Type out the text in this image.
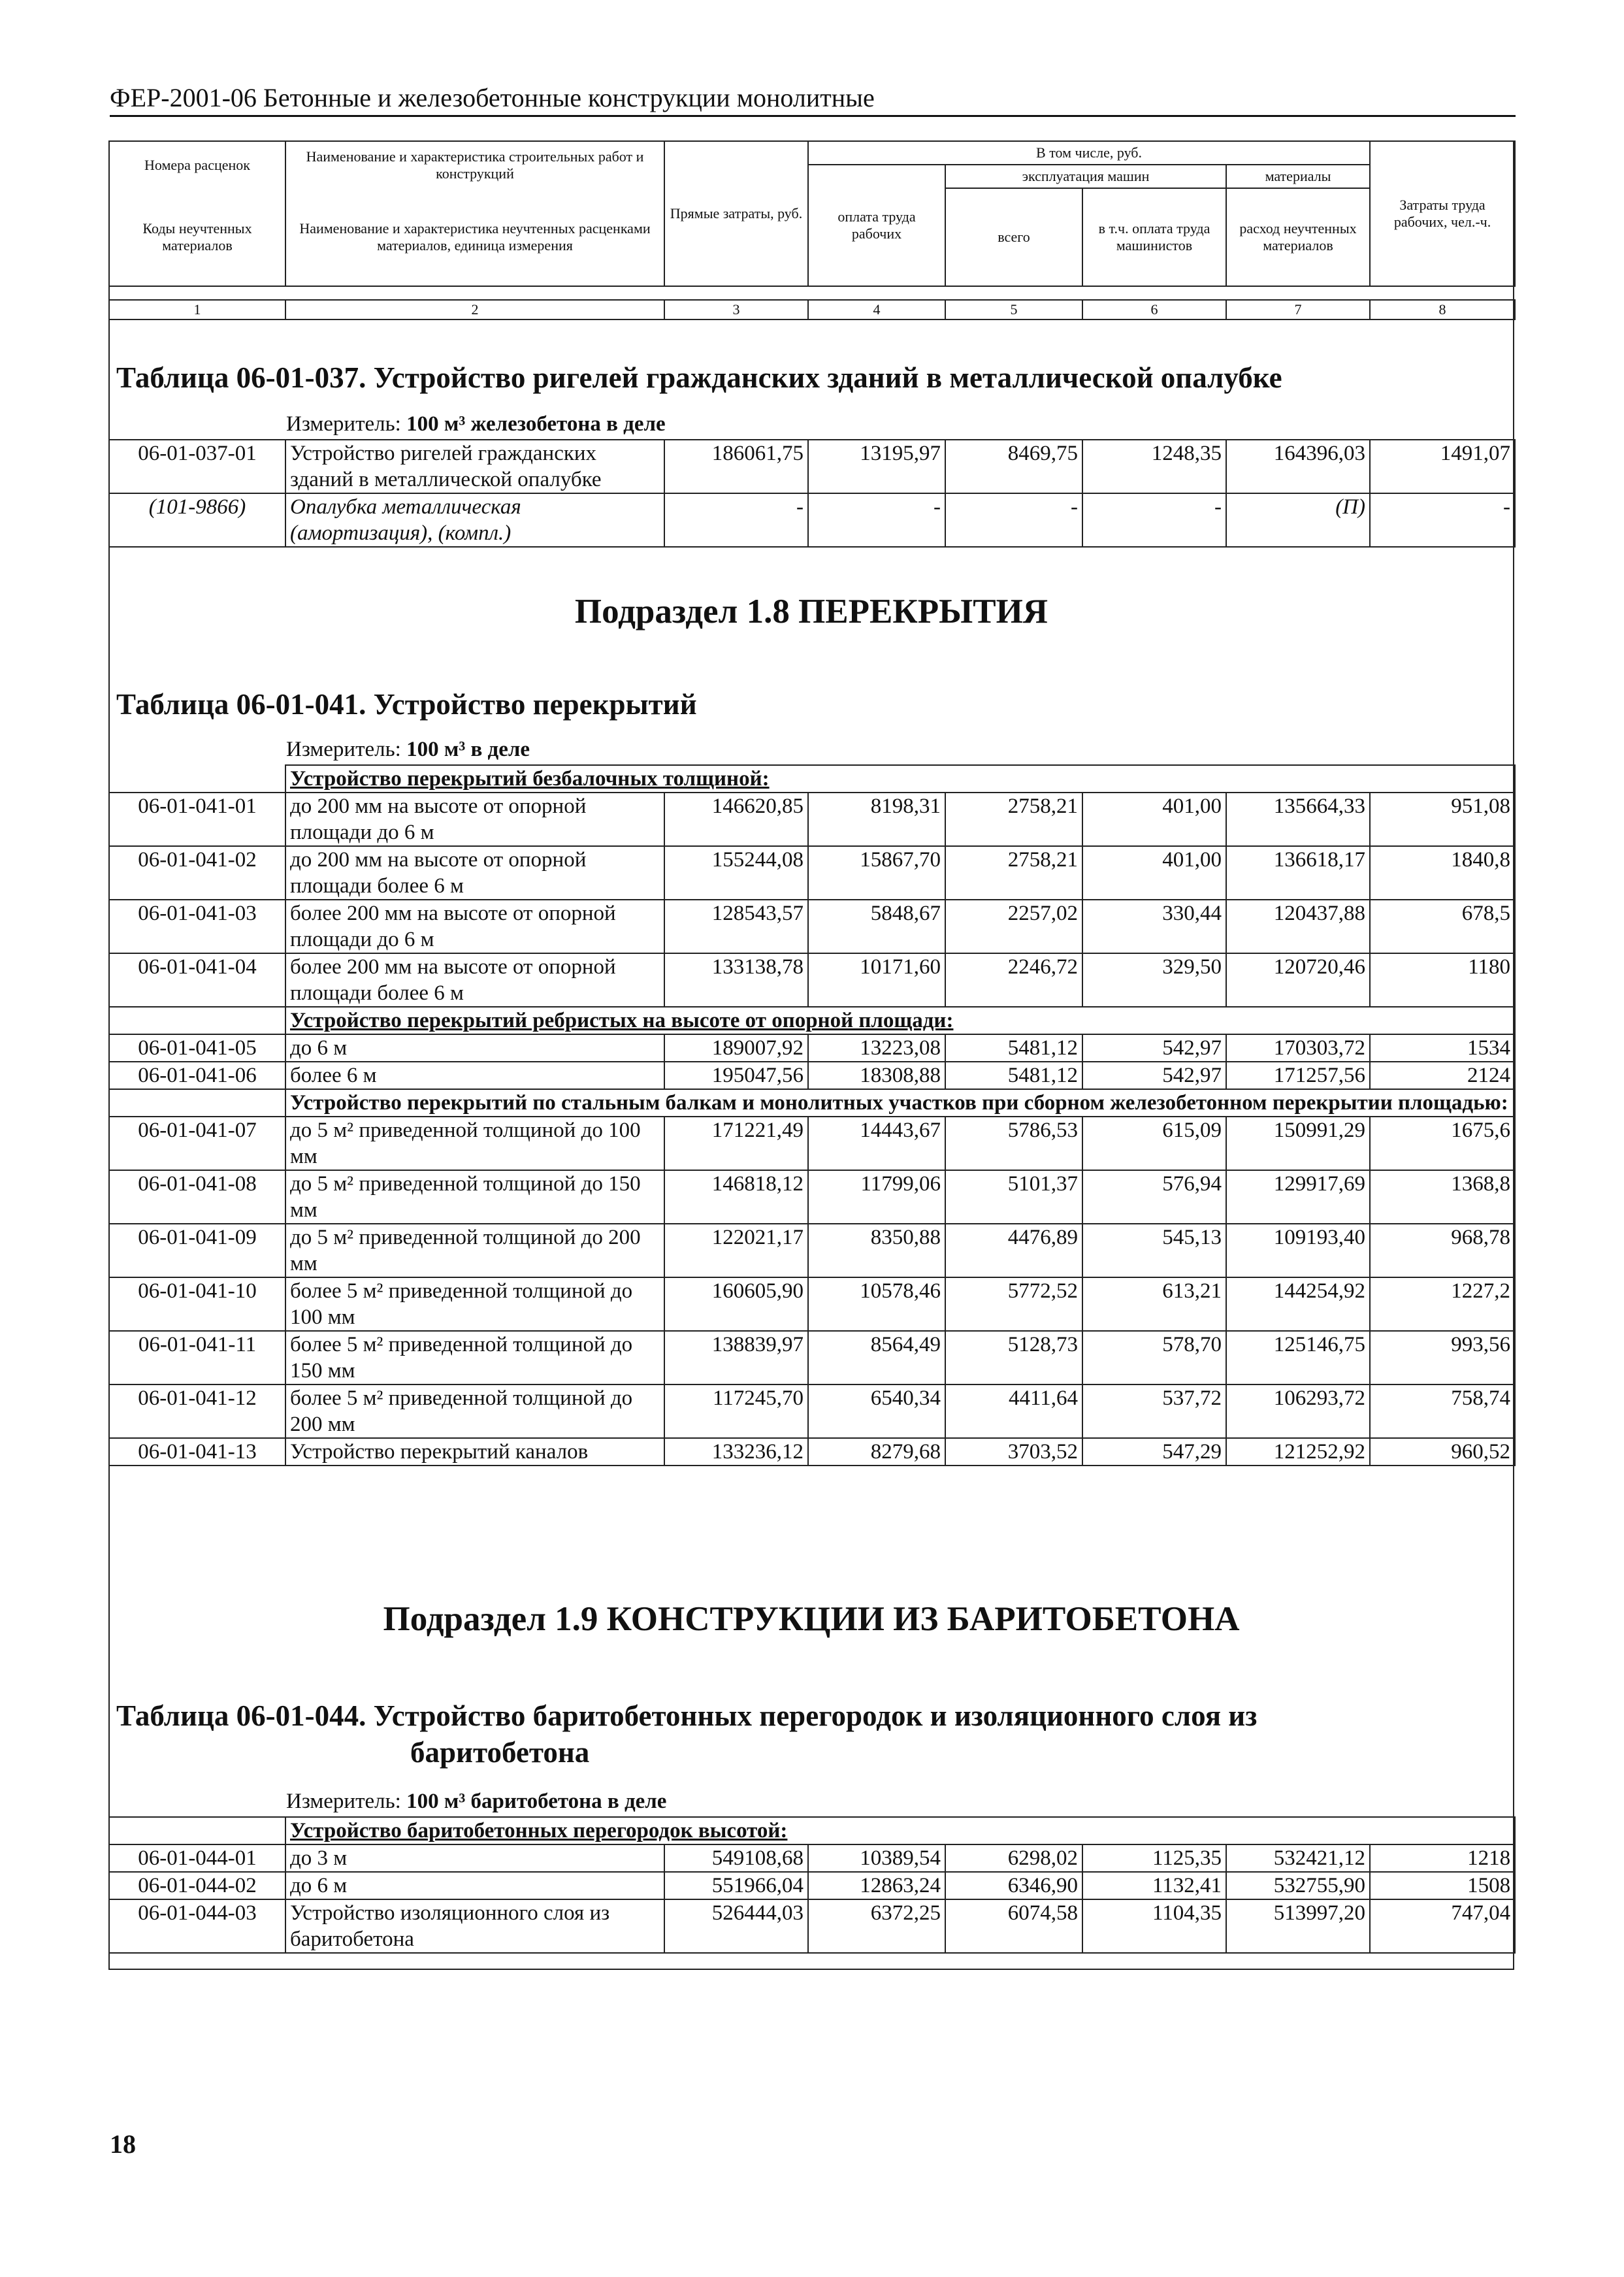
ФЕР-2001-06 Бетонные и железобетонные конструкции монолитные
Номера расценок	Наименование и характеристика строительных работ и конструкций	Прямые затраты, руб.	В том числе, руб.				Затраты труда рабочих, чел.-ч.
			оплата труда рабочих	эксплуатация машин		материалы	
Коды неучтенных материалов	Наименование и характеристика неучтенных расценками материалов, единица измерения			всего	в т.ч. оплата труда машинистов	расход неучтенных материалов	

1	2	3	4	5	6	7	8
Таблица 06-01-037. Устройство ригелей гражданских зданий в металлической опалубке
Измеритель: 100 м³ железобетона в деле
06-01-037-01	Устройство ригелей гражданских зданий в металлической опалубке	186061,75	13195,97	8469,75	1248,35	164396,03	1491,07
(101-9866)	Опалубка металлическая (амортизация), (компл.)	-	-	-	-	(П)	-
Подраздел 1.8 ПЕРЕКРЫТИЯ
Таблица 06-01-041. Устройство перекрытий
Измеритель: 100 м³ в деле
	Устройство перекрытий безбалочных толщиной:						
06-01-041-01	до 200 мм на высоте от опорной площади до 6 м	146620,85	8198,31	2758,21	401,00	135664,33	951,08
06-01-041-02	до 200 мм на высоте от опорной площади более 6 м	155244,08	15867,70	2758,21	401,00	136618,17	1840,8
06-01-041-03	более 200 мм на высоте от опорной площади до 6 м	128543,57	5848,67	2257,02	330,44	120437,88	678,5
06-01-041-04	более 200 мм на высоте от опорной площади более 6 м	133138,78	10171,60	2246,72	329,50	120720,46	1180
	Устройство перекрытий ребристых на высоте от опорной площади:						
06-01-041-05	до 6 м	189007,92	13223,08	5481,12	542,97	170303,72	1534
06-01-041-06	более 6 м	195047,56	18308,88	5481,12	542,97	171257,56	2124
	Устройство перекрытий по стальным балкам и монолитных участков при сборном железобетонном перекрытии площадью:						
06-01-041-07	до 5 м² приведенной толщиной до 100 мм	171221,49	14443,67	5786,53	615,09	150991,29	1675,6
06-01-041-08	до 5 м² приведенной толщиной до 150 мм	146818,12	11799,06	5101,37	576,94	129917,69	1368,8
06-01-041-09	до 5 м² приведенной толщиной до 200 мм	122021,17	8350,88	4476,89	545,13	109193,40	968,78
06-01-041-10	более 5 м² приведенной толщиной до 100 мм	160605,90	10578,46	5772,52	613,21	144254,92	1227,2
06-01-041-11	более 5 м² приведенной толщиной до 150 мм	138839,97	8564,49	5128,73	578,70	125146,75	993,56
06-01-041-12	более 5 м² приведенной толщиной до 200 мм	117245,70	6540,34	4411,64	537,72	106293,72	758,74
06-01-041-13	Устройство перекрытий каналов	133236,12	8279,68	3703,52	547,29	121252,92	960,52
Подраздел 1.9 КОНСТРУКЦИИ ИЗ БАРИТОБЕТОНА
Таблица 06-01-044. Устройство баритобетонных перегородок и изоляционного слоя из
баритобетона
Измеритель: 100 м³ баритобетона в деле
	Устройство баритобетонных перегородок высотой:						
06-01-044-01	до 3 м	549108,68	10389,54	6298,02	1125,35	532421,12	1218
06-01-044-02	до 6 м	551966,04	12863,24	6346,90	1132,41	532755,90	1508
06-01-044-03	Устройство изоляционного слоя из баритобетона	526444,03	6372,25	6074,58	1104,35	513997,20	747,04
18
